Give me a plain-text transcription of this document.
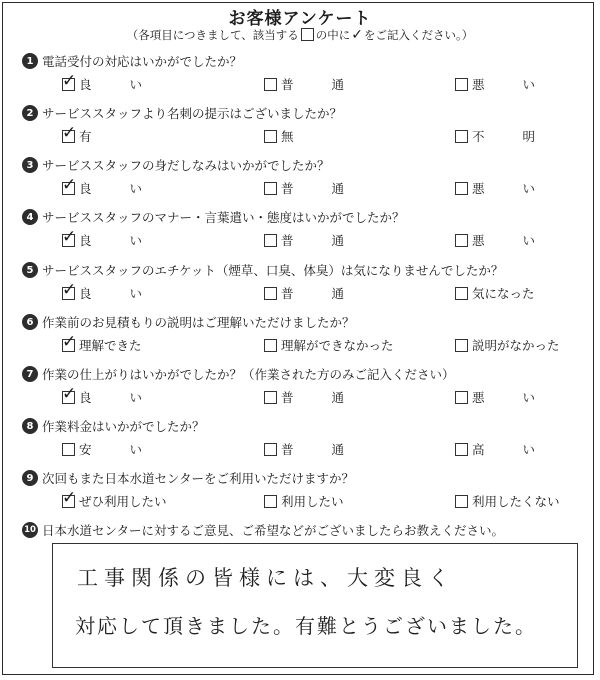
お客様アンケート
（各項目につきまして、該当する の中に✓をご記入ください。）
1 電話受付の対応はいかがでしたか？
✓ 良い	普通	悪い
2 サービススタッフより名刺の提示はございましたか？
✓ 有	無	不明
3 サービススタッフの身だしなみはいかがでしたか？
✓ 良い	普通	悪い
4 サービススタッフのマナー・言葉遣い・態度はいかがでしたか？
✓ 良い	普通	悪い
5 サービススタッフのエチケット（煙草、口臭、体臭）は気になりませんでしたか？
✓ 良い	普通	気になった
6 作業前のお見積もりの説明はご理解いただけましたか？
✓ 理解できた	理解ができなかった	説明がなかった
7 作業の仕上がりはいかがでしたか？（作業された方のみご記入ください）
✓ 良い	普通	悪い
8 作業料金はいかがでしたか？
安い	普通	高い
9 次回もまた日本水道センターをご利用いただけますか？
✓ ぜひ利用したい	利用したい	利用したくない
10 日本水道センターに対するご意見、ご希望などがございましたらお教えください。
工事関係の皆様には、大変良く
対応して頂きました。有難とうございました。
